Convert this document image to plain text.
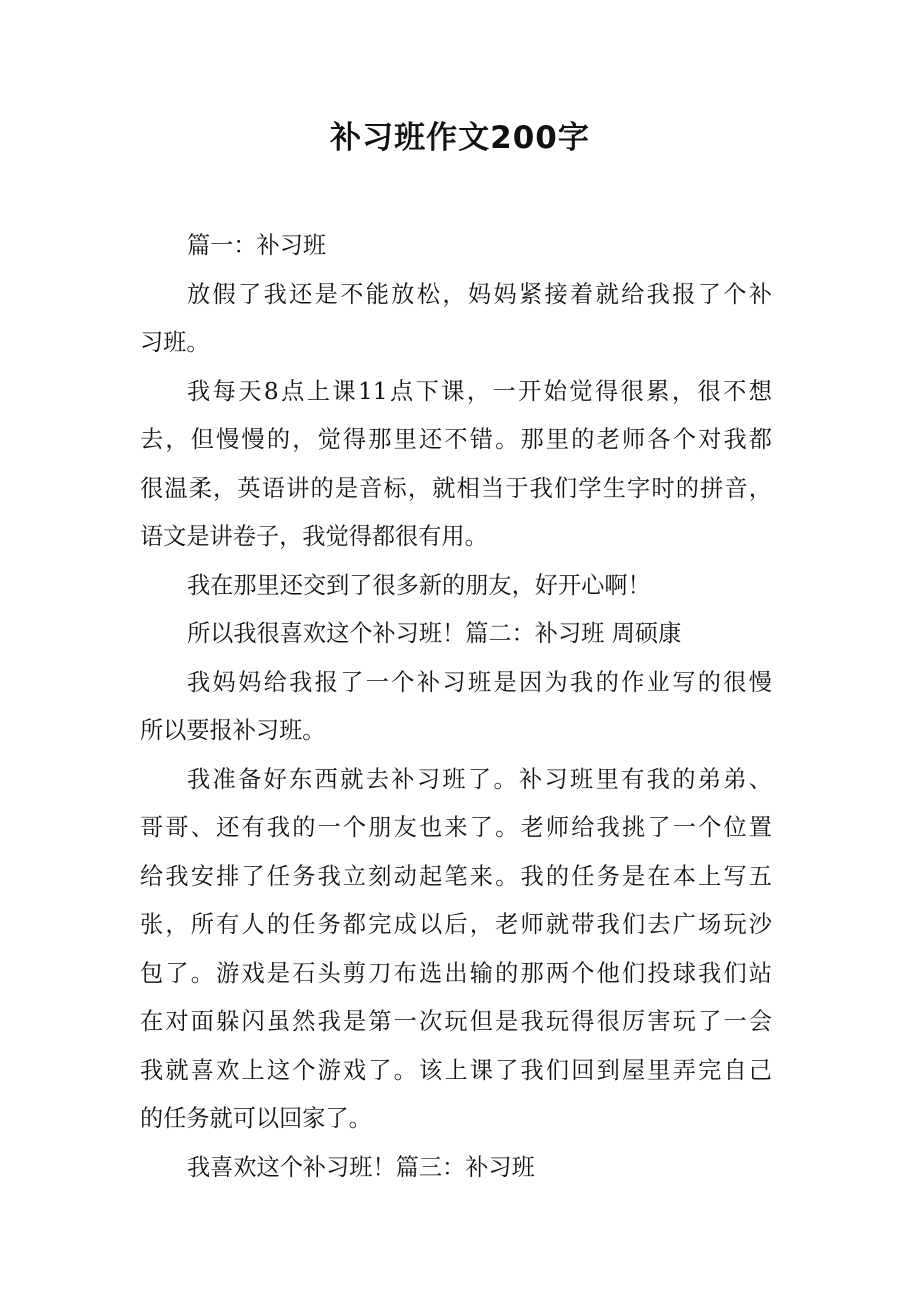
补习班作文200字
篇一：补习班
放假了我还是不能放松，妈妈紧接着就给我报了个补
习班。
我每天8点上课11点下课，一开始觉得很累，很不想
去，但慢慢的，觉得那里还不错。那里的老师各个对我都
很温柔，英语讲的是音标，就相当于我们学生字时的拼音，
语文是讲卷子，我觉得都很有用。
我在那里还交到了很多新的朋友，好开心啊！
所以我很喜欢这个补习班！篇二：补习班 周硕康
我妈妈给我报了一个补习班是因为我的作业写的很慢
所以要报补习班。
我准备好东西就去补习班了。补习班里有我的弟弟、
哥哥、还有我的一个朋友也来了。老师给我挑了一个位置
给我安排了任务我立刻动起笔来。我的任务是在本上写五
张，所有人的任务都完成以后，老师就带我们去广场玩沙
包了。游戏是石头剪刀布选出输的那两个他们投球我们站
在对面躲闪虽然我是第一次玩但是我玩得很厉害玩了一会
我就喜欢上这个游戏了。该上课了我们回到屋里弄完自己
的任务就可以回家了。
我喜欢这个补习班！篇三：补习班
